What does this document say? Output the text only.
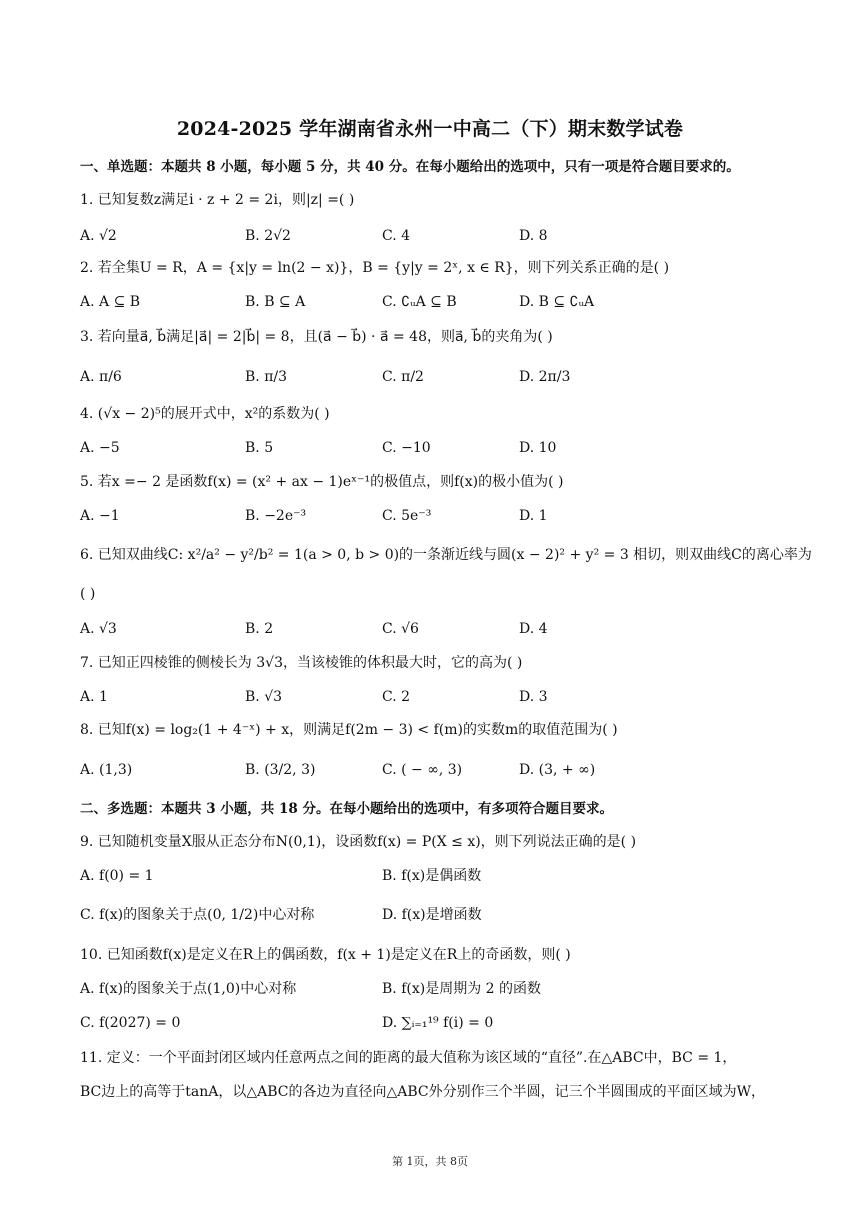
2024-2025 学年湖南省永州一中高二（下）期末数学试卷
一、单选题：本题共 8 小题，每小题 5 分，共 40 分。在每小题给出的选项中，只有一项是符合题目要求的。
1. 已知复数z满足i · z + 2 = 2i，则|z| =( )
A. √2	B. 2√2	C. 4	D. 8
2. 若全集U = R，A = {x|y = ln(2 − x)}，B = {y|y = 2ˣ, x ∈ R}，则下列关系正确的是( )
A. A ⊆ B	B. B ⊆ A	C. ∁ᵤA ⊆ B	D. B ⊆ ∁ᵤA
3. 若向量a⃗, b⃗满足|a⃗| = 2|b⃗| = 8，且(a⃗ − b⃗) · a⃗ = 48，则a⃗, b⃗的夹角为( )
A. π/6	B. π/3	C. π/2	D. 2π/3
4. (√x − 2)⁵的展开式中，x²的系数为( )
A. −5	B. 5	C. −10	D. 10
5. 若x =− 2 是函数f(x) = (x² + ax − 1)eˣ⁻¹的极值点，则f(x)的极小值为( )
A. −1	B. −2e⁻³	C. 5e⁻³	D. 1
6. 已知双曲线C: x²/a² − y²/b² = 1(a > 0, b > 0)的一条渐近线与圆(x − 2)² + y² = 3 相切，则双曲线C的离心率为
( )
A. √3	B. 2	C. √6	D. 4
7. 已知正四棱锥的侧棱长为 3√3，当该棱锥的体积最大时，它的高为( )
A. 1	B. √3	C. 2	D. 3
8. 已知f(x) = log₂(1 + 4⁻ˣ) + x，则满足f(2m − 3) < f(m)的实数m的取值范围为( )
A. (1,3)	B. (3/2, 3)	C. ( − ∞, 3)	D. (3, + ∞)
二、多选题：本题共 3 小题，共 18 分。在每小题给出的选项中，有多项符合题目要求。
9. 已知随机变量X服从正态分布N(0,1)，设函数f(x) = P(X ≤ x)，则下列说法正确的是( )
A. f(0) = 1	B. f(x)是偶函数
C. f(x)的图象关于点(0, 1/2)中心对称	D. f(x)是增函数
10. 已知函数f(x)是定义在R上的偶函数，f(x + 1)是定义在R上的奇函数，则( )
A. f(x)的图象关于点(1,0)中心对称	B. f(x)是周期为 2 的函数
C. f(2027) = 0	D. ∑ᵢ₌₁¹⁹ f(i) = 0
11. 定义：一个平面封闭区域内任意两点之间的距离的最大值称为该区域的“直径”.在△ABC中，BC = 1，
BC边上的高等于tanA，以△ABC的各边为直径向△ABC外分别作三个半圆，记三个半圆围成的平面区域为W，
第 1页，共 8页
